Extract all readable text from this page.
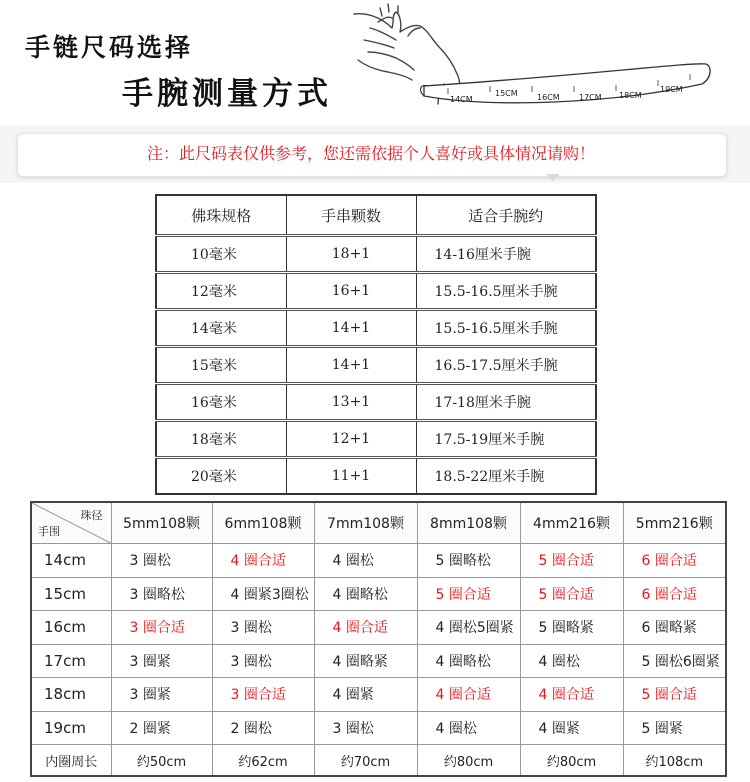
手链尺码选择
手腕测量方式	14CM
15CM 16CM 17CM 18CM
19CM
注：此尺码表仅供参考，您还需依据个人喜好或具体情况请购！
佛珠规格	手串颗数	适合手腕约
10毫米	18+1	14-16厘米手腕
12毫米	16+1	15.5-16.5厘米手腕
14毫米	14+1	15.5-16.5厘米手腕
15毫米	14+1	16.5-17.5厘米手腕
16毫米	13+1	17-18厘米手腕
18毫米	12+1	17.5-19厘米手腕
20毫米	11+1	18.5-22厘米手腕
珠径
手围	5mm108颗	6mm108颗	7mm108颗	8mm108颗	4mm216颗	5mm216颗
14cm	3 圈松	4 圈合适	4 圈松	5 圈略松	5 圈合适	6 圈合适
15cm	3 圈略松	4 圈紧3圈松	4 圈略松	5 圈合适	5 圈合适	6 圈合适
16cm	3 圈合适	3 圈松	4 圈合适	4 圈松5圈紧	5 圈略紧	6 圈略紧
17cm	3 圈紧	3 圈松	4 圈略紧	4 圈略松	4 圈松	5 圈松6圈紧
18cm	3 圈紧	3 圈合适	4 圈紧	4 圈合适	4 圈合适	5 圈合适
19cm	2 圈紧	2 圈松	3 圈松	4 圈松	4 圈紧	5 圈紧
内圈周长	约50cm	约62cm	约70cm	约80cm	约80cm	约108cm
